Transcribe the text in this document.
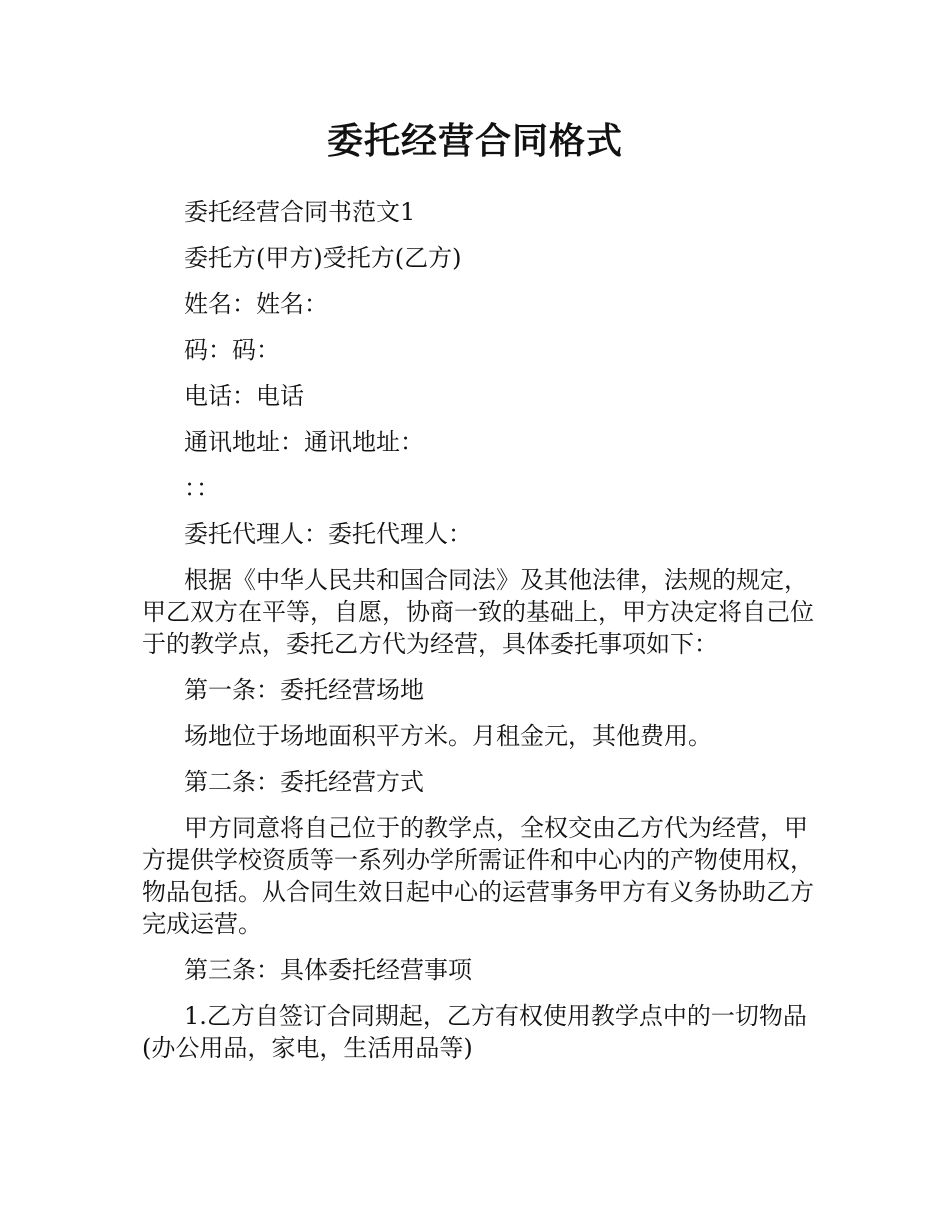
委托经营合同格式

委托经营合同书范文1

委托方(甲方)受托方(乙方)

姓名：姓名：

码：码：

电话：电话

通讯地址：通讯地址：

：：

委托代理人：委托代理人：

根据《中华人民共和国合同法》及其他法律，法规的规定，甲乙双方在平等，自愿，协商一致的基础上，甲方决定将自己位于的教学点，委托乙方代为经营，具体委托事项如下：

第一条：委托经营场地

场地位于场地面积平方米。月租金元，其他费用。

第二条：委托经营方式

甲方同意将自己位于的教学点，全权交由乙方代为经营，甲方提供学校资质等一系列办学所需证件和中心内的产物使用权，物品包括。从合同生效日起中心的运营事务甲方有义务协助乙方完成运营。

第三条：具体委托经营事项

1.乙方自签订合同期起，乙方有权使用教学点中的一切物品(办公用品，家电，生活用品等)
